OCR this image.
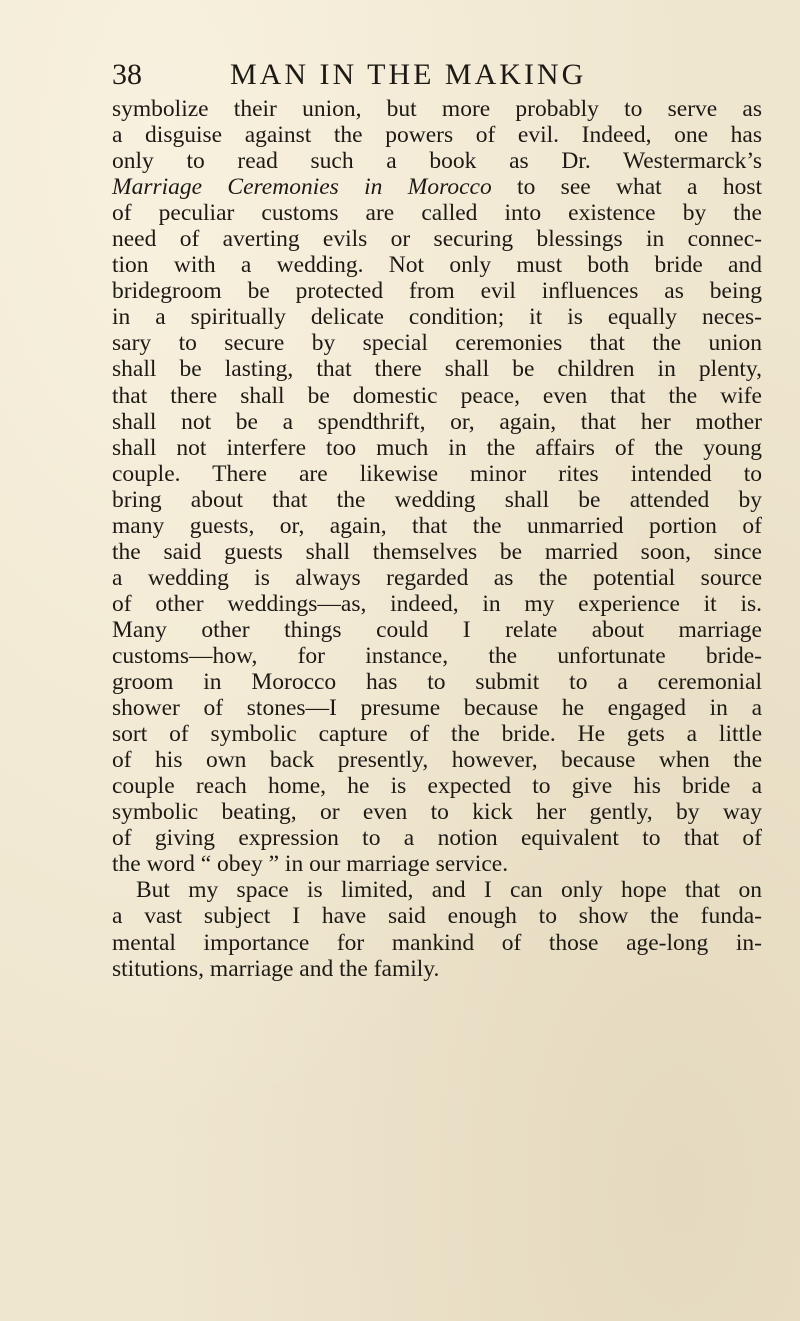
38	MAN IN THE MAKING
symbolize their union, but more probably to serve as
a disguise against the powers of evil. Indeed, one has
only to read such a book as Dr. Westermarck’s
Marriage Ceremonies in Morocco to see what a host
of peculiar customs are called into existence by the
need of averting evils or securing blessings in connec-
tion with a wedding. Not only must both bride and
bridegroom be protected from evil influences as being
in a spiritually delicate condition; it is equally neces-
sary to secure by special ceremonies that the union
shall be lasting, that there shall be children in plenty,
that there shall be domestic peace, even that the wife
shall not be a spendthrift, or, again, that her mother
shall not interfere too much in the affairs of the young
couple. There are likewise minor rites intended to
bring about that the wedding shall be attended by
many guests, or, again, that the unmarried portion of
the said guests shall themselves be married soon, since
a wedding is always regarded as the potential source
of other weddings—as, indeed, in my experience it is.
Many other things could I relate about marriage
customs—how, for instance, the unfortunate bride-
groom in Morocco has to submit to a ceremonial
shower of stones—I presume because he engaged in a
sort of symbolic capture of the bride. He gets a little
of his own back presently, however, because when the
couple reach home, he is expected to give his bride a
symbolic beating, or even to kick her gently, by way
of giving expression to a notion equivalent to that of
the word “ obey ” in our marriage service.
But my space is limited, and I can only hope that on
a vast subject I have said enough to show the funda-
mental importance for mankind of those age-long in-
stitutions, marriage and the family.
